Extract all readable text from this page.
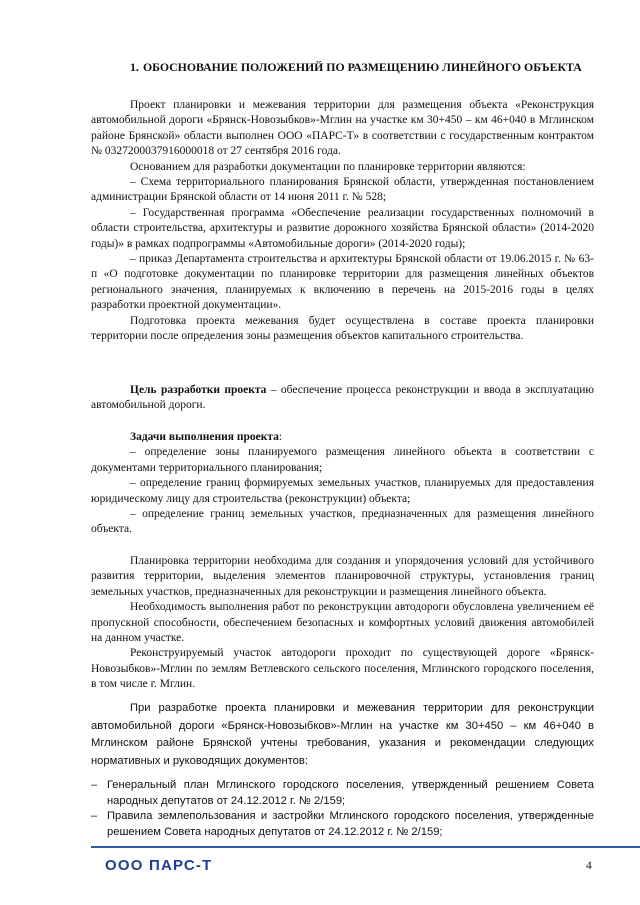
1. ОБОСНОВАНИЕ ПОЛОЖЕНИЙ ПО РАЗМЕЩЕНИЮ ЛИНЕЙНОГО ОБЪЕКТА

Проект планировки и межевания территории для размещения объекта «Реконструкция автомобильной дороги «Брянск-Новозыбков»-Мглин на участке км 30+450 – км 46+040 в Мглинском районе Брянской» области выполнен ООО «ПАРС-Т» в соответствии с государственным контрактом № 0327200037916000018 от 27 сентября 2016 года.

Основанием для разработки документации по планировке территории являются:

– Схема территориального планирования Брянской области, утвержденная постановлением администрации Брянской области от 14 июня 2011 г. № 528;

– Государственная программа «Обеспечение реализации государственных полномочий в области строительства, архитектуры и развитие дорожного хозяйства Брянской области» (2014-2020 годы)» в рамках подпрограммы «Автомобильные дороги» (2014-2020 годы);

– приказ Департамента строительства и архитектуры Брянской области от 19.06.2015 г. № 63-п «О подготовке документации по планировке территории для размещения линейных объектов регионального значения, планируемых к включению в перечень на 2015-2016 годы в целях разработки проектной документации».

Подготовка проекта межевания будет осуществлена в составе проекта планировки территории после определения зоны размещения объектов капитального строительства.

Цель разработки проекта – обеспечение процесса реконструкции и ввода в эксплуатацию автомобильной дороги.

Задачи выполнения проекта:

– определение зоны планируемого размещения линейного объекта в соответствии с документами территориального планирования;

– определение границ формируемых земельных участков, планируемых для предоставления юридическому лицу для строительства (реконструкции) объекта;

– определение границ земельных участков, предназначенных для размещения линейного объекта.

Планировка территории необходима для создания и упорядочения условий для устойчивого развития территории, выделения элементов планировочной структуры, установления границ земельных участков, предназначенных для реконструкции и размещения линейного объекта.

Необходимость выполнения работ по реконструкции автодороги обусловлена увеличением её пропускной способности, обеспечением безопасных и комфортных условий движения автомобилей на данном участке.

Реконструируемый участок автодороги проходит по существующей дороге «Брянск-Новозыбков»-Мглин по землям Ветлевского сельского поселения, Мглинского городского поселения, в том числе г. Мглин.

При разработке проекта планировки и межевания территории для реконструкции автомобильной дороги «Брянск-Новозыбков»-Мглин на участке км 30+450 – км 46+040 в Мглинском районе Брянской учтены требования, указания и рекомендации следующих нормативных и руководящих документов:

– Генеральный план Мглинского городского поселения, утвержденный решением Совета народных депутатов от 24.12.2012 г. № 2/159;
– Правила землепользования и застройки Мглинского городского поселения, утвержденные решением Совета народных депутатов от 24.12.2012 г. № 2/159;
ООО ПАРС-Т	4
